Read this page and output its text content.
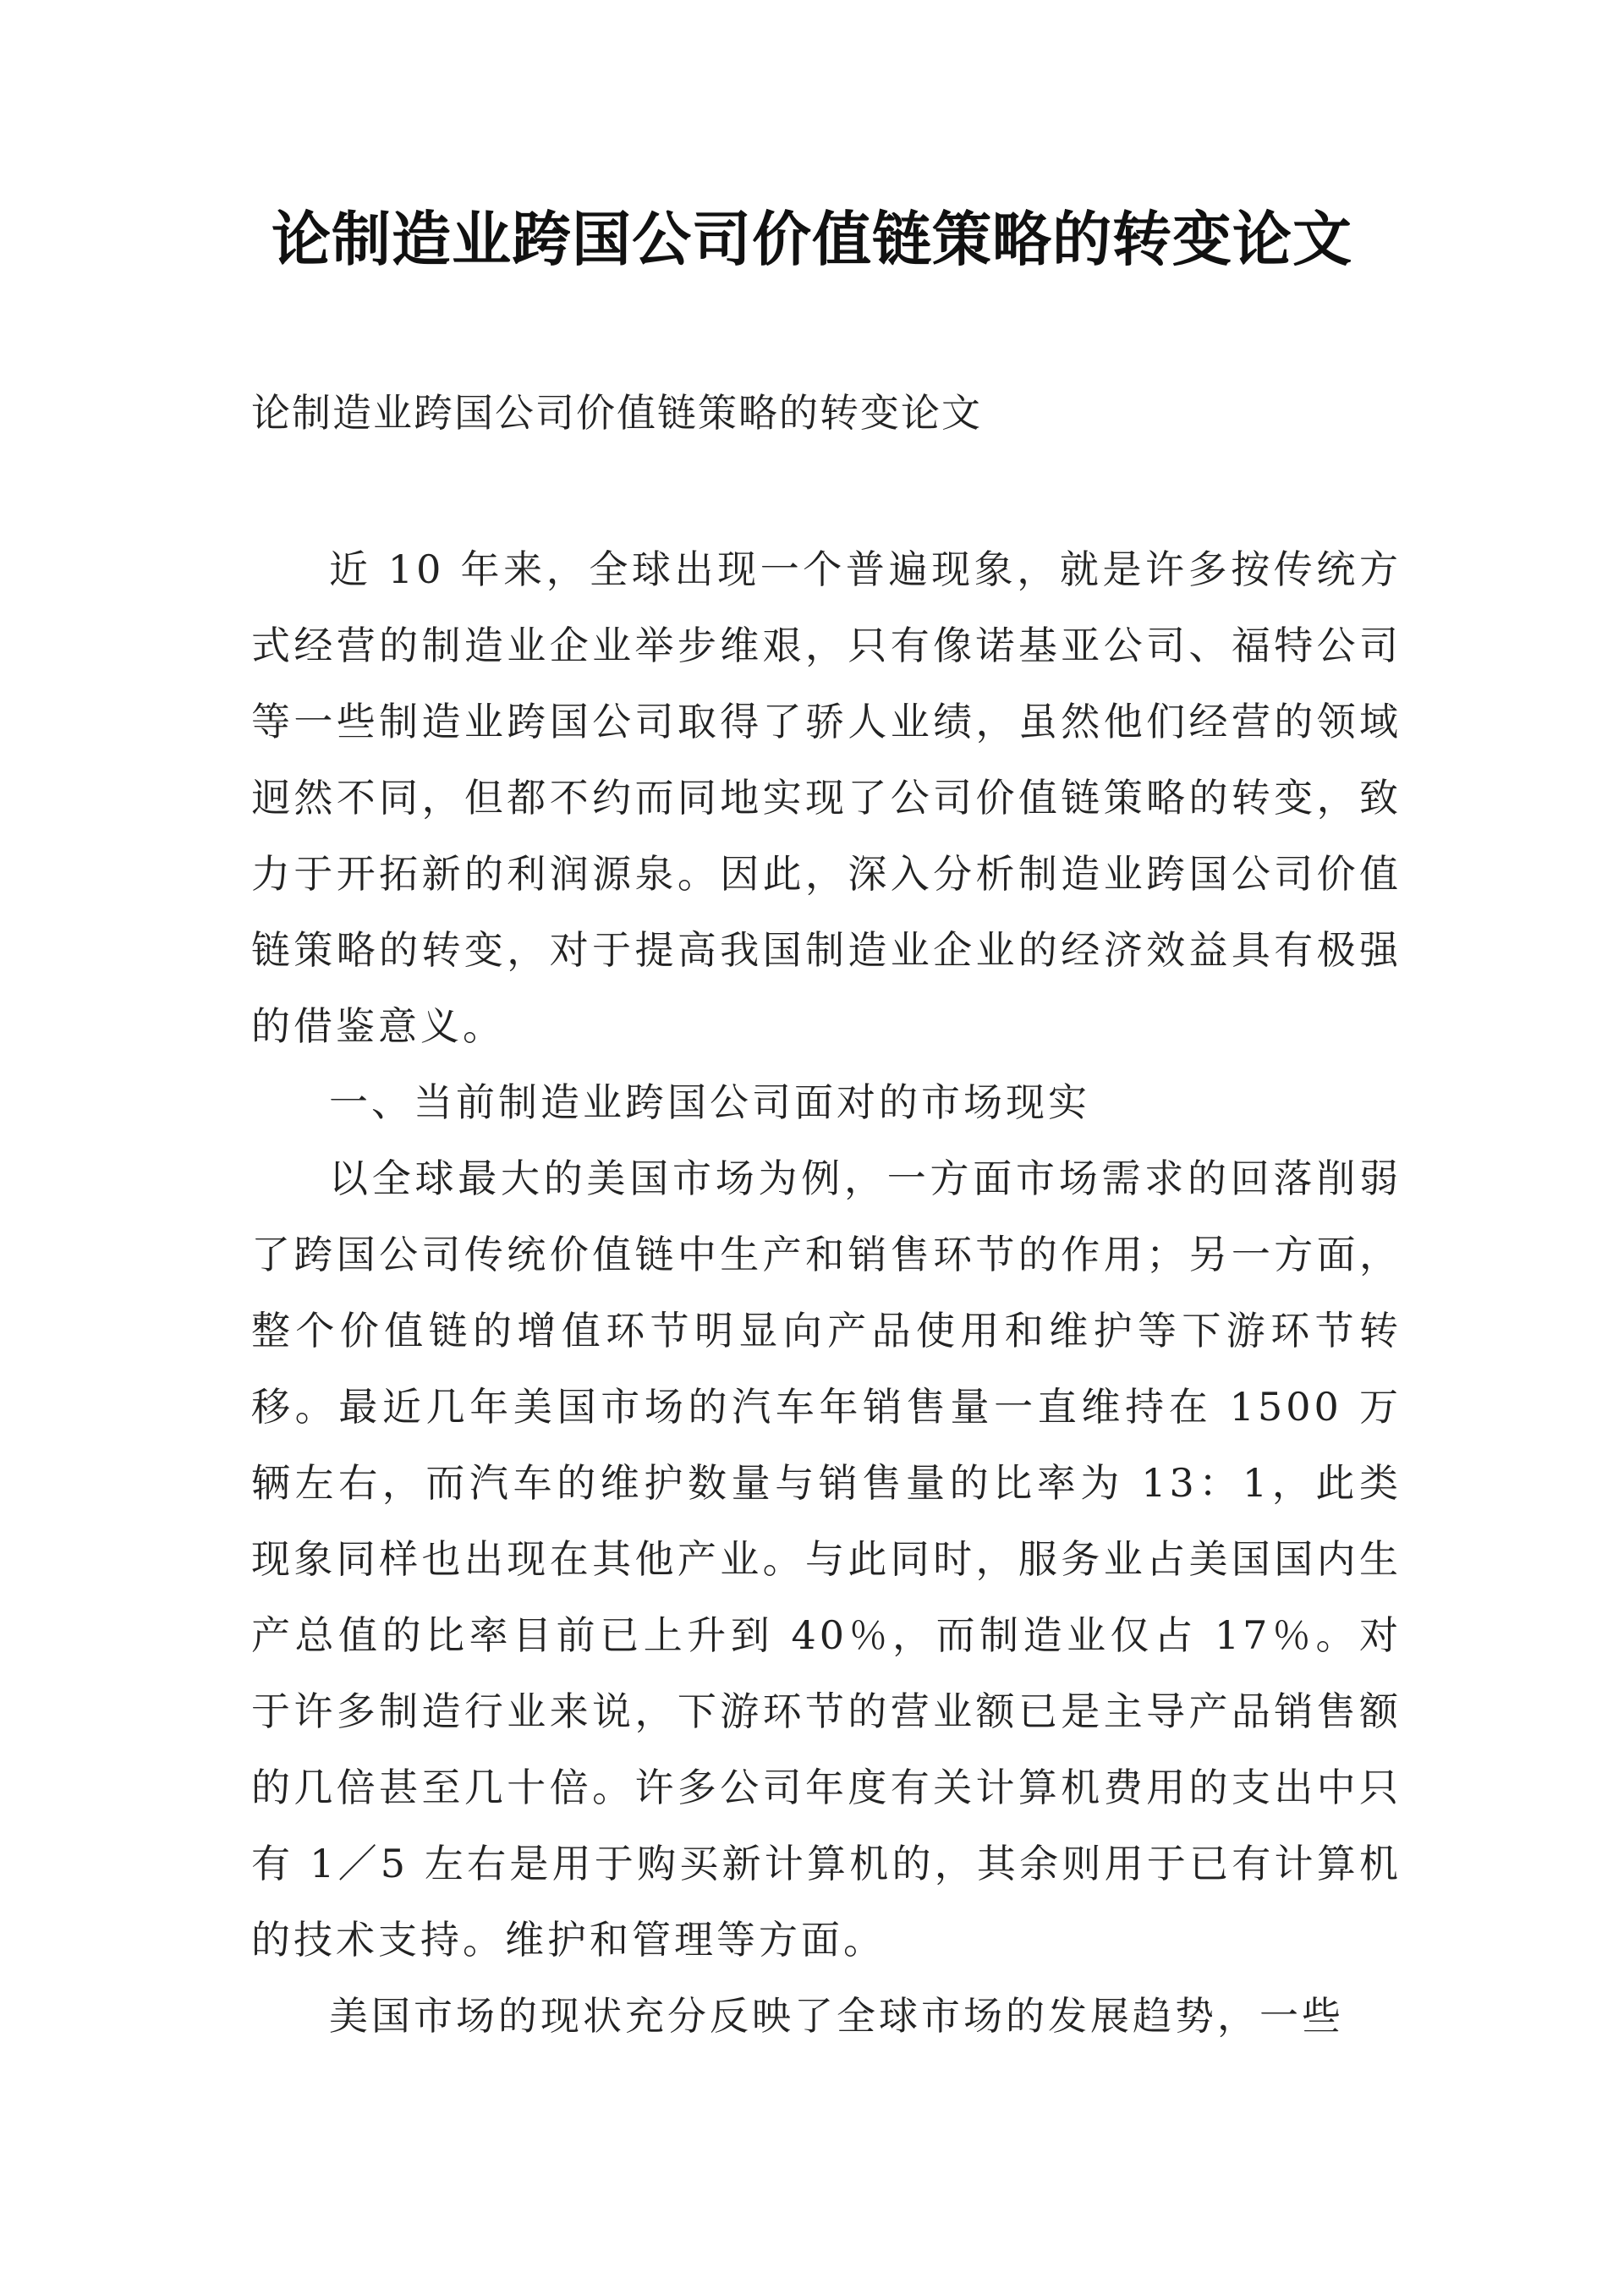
论制造业跨国公司价值链策略的转变论文
论制造业跨国公司价值链策略的转变论文

近 10 年来，全球出现一个普遍现象，就是许多按传统方式经营的制造业企业举步维艰，只有像诺基亚公司、福特公司等一些制造业跨国公司取得了骄人业绩，虽然他们经营的领域迥然不同，但都不约而同地实现了公司价值链策略的转变，致力于开拓新的利润源泉。因此，深入分析制造业跨国公司价值链策略的转变，对于提高我国制造业企业的经济效益具有极强的借鉴意义。

一、当前制造业跨国公司面对的市场现实

以全球最大的美国市场为例，一方面市场需求的回落削弱了跨国公司传统价值链中生产和销售环节的作用；另一方面，整个价值链的增值环节明显向产品使用和维护等下游环节转移。最近几年美国市场的汽车年销售量一直维持在 1500 万辆左右，而汽车的维护数量与销售量的比率为 13：1，此类现象同样也出现在其他产业。与此同时，服务业占美国国内生产总值的比率目前已上升到 40％，而制造业仅占 17％。对于许多制造行业来说，下游环节的营业额已是主导产品销售额的几倍甚至几十倍。许多公司年度有关计算机费用的支出中只有 1／5 左右是用于购买新计算机的，其余则用于已有计算机的技术支持。维护和管理等方面。

美国市场的现状充分反映了全球市场的发展趋势，一些
